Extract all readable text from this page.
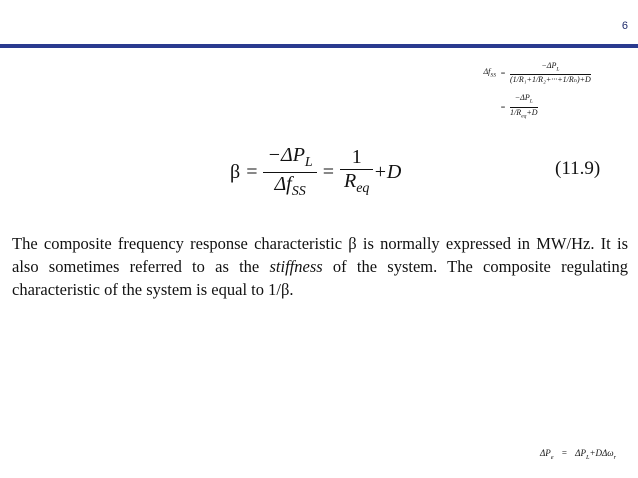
6
$\Delta f_{SS} = \frac{-\Delta P_L}{\text{(1/R₁+1/R₂+···+1/Rₙ)+D}}$
= $\frac{-\Delta P_L}{1/R_{eq}+D}$
$\beta = \frac{-\Delta P_L}{\Delta f_{SS}} = \frac{1}{R_{eq}} +D$	(11.9)
The composite frequency response characteristic β is normally expressed in MW/Hz. It is also sometimes referred to as the stiffness of the system. The composite regulating characteristic of the system is equal to 1/β.
$\Delta P_e = \Delta P_L+D\Delta\omega_r$
